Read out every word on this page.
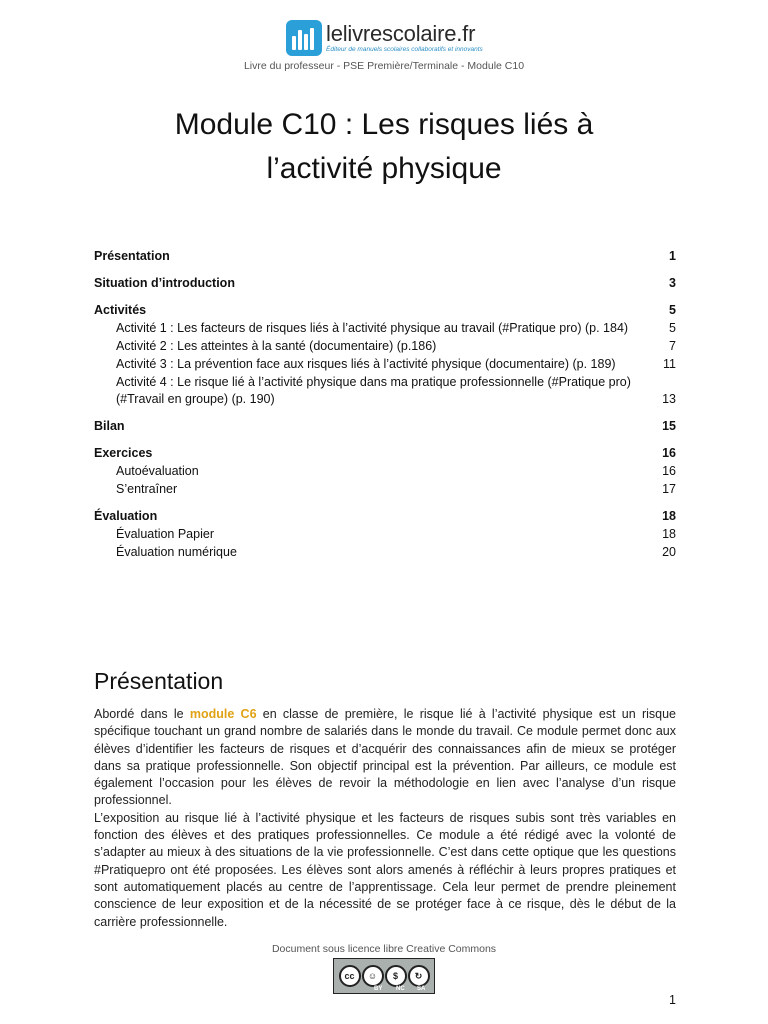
lelivrescolaire.fr
Éditeur de manuels scolaires collaboratifs et innovants
Livre du professeur - PSE Première/Terminale - Module C10
Module C10 : Les risques liés à
l’activité physique
Présentation	1
Situation d’introduction	3
Activités	5
Activité 1 : Les facteurs de risques liés à l’activité physique au travail (#Pratique pro) (p. 184)	5
Activité 2 : Les atteintes à la santé (documentaire) (p.186)	7
Activité 3 : La prévention face aux risques liés à l’activité physique (documentaire) (p. 189)	11
Activité 4 : Le risque lié à l’activité physique dans ma pratique professionnelle (#Pratique pro) (#Travail en groupe) (p. 190)	13
Bilan	15
Exercices	16
Autoévaluation	16
S’entraîner	17
Évaluation	18
Évaluation Papier	18
Évaluation numérique	20
Présentation

Abordé dans le module C6 en classe de première, le risque lié à l’activité physique est un risque spécifique touchant un grand nombre de salariés dans le monde du travail. Ce module permet donc aux élèves d’identifier les facteurs de risques et d’acquérir des connaissances afin de mieux se protéger dans sa pratique professionnelle. Son objectif principal est la prévention. Par ailleurs, ce module est également l’occasion pour les élèves de revoir la méthodologie en lien avec l’analyse d’un risque professionnel.

L’exposition au risque lié à l’activité physique et les facteurs de risques subis sont très variables en fonction des élèves et des pratiques professionnelles. Ce module a été rédigé avec la volonté de s’adapter au mieux à des situations de la vie professionnelle. C’est dans cette optique que les questions #Pratiquepro ont été proposées. Les élèves sont alors amenés à réfléchir à leurs propres pratiques et sont automatiquement placés au centre de l’apprentissage. Cela leur permet de prendre pleinement conscience de leur exposition et de la nécessité de se protéger face à ce risque, dès le début de la carrière professionnelle.

Document sous licence libre Creative Commons
cc	☺	$	↻
BY NC SA
1
